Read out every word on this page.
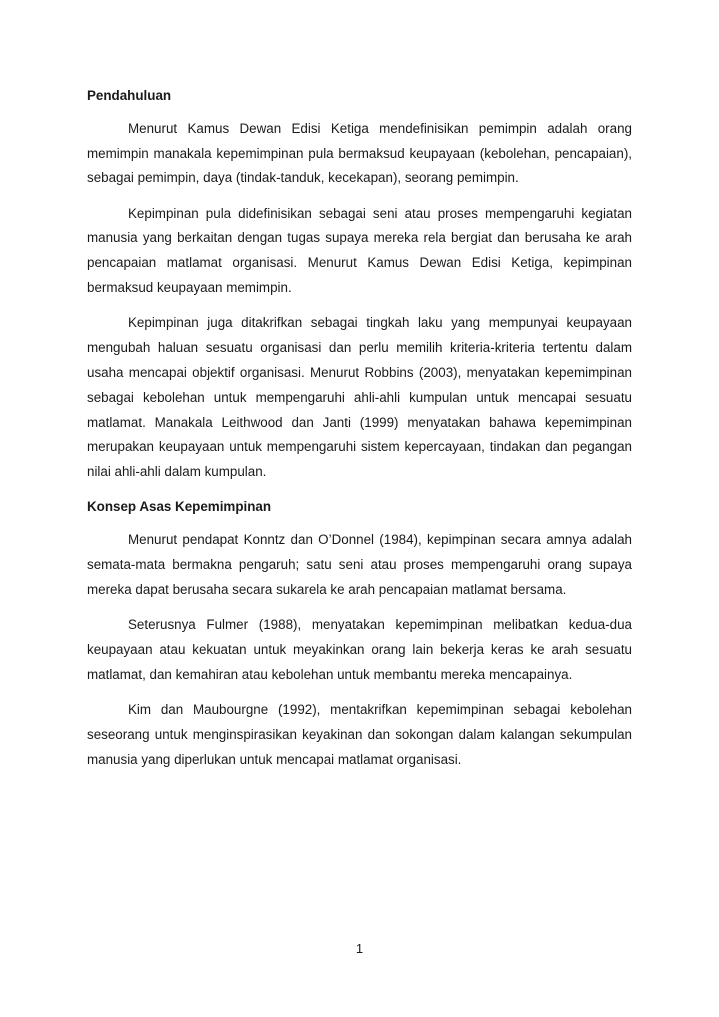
Pendahuluan

Menurut Kamus Dewan Edisi Ketiga mendefinisikan pemimpin adalah orang memimpin manakala kepemimpinan pula bermaksud keupayaan (kebolehan, pencapaian), sebagai pemimpin, daya (tindak-tanduk, kecekapan), seorang pemimpin.

Kepimpinan pula didefinisikan sebagai seni atau proses mempengaruhi kegiatan manusia yang berkaitan dengan tugas supaya mereka rela bergiat dan berusaha ke arah pencapaian matlamat organisasi. Menurut Kamus Dewan Edisi Ketiga, kepimpinan bermaksud keupayaan memimpin.

Kepimpinan juga ditakrifkan sebagai tingkah laku yang mempunyai keupayaan mengubah haluan sesuatu organisasi dan perlu memilih kriteria-kriteria tertentu dalam usaha mencapai objektif organisasi. Menurut Robbins (2003), menyatakan kepemimpinan sebagai kebolehan untuk mempengaruhi ahli-ahli kumpulan untuk mencapai sesuatu matlamat. Manakala Leithwood dan Janti (1999) menyatakan bahawa kepemimpinan merupakan keupayaan untuk mempengaruhi sistem kepercayaan, tindakan dan pegangan nilai ahli-ahli dalam kumpulan.

Konsep Asas Kepemimpinan

Menurut pendapat Konntz dan O’Donnel (1984), kepimpinan secara amnya adalah semata-mata bermakna pengaruh; satu seni atau proses mempengaruhi orang supaya mereka dapat berusaha secara sukarela ke arah pencapaian matlamat bersama.

Seterusnya Fulmer (1988), menyatakan kepemimpinan melibatkan kedua-dua keupayaan atau kekuatan untuk meyakinkan orang lain bekerja keras ke arah sesuatu matlamat, dan kemahiran atau kebolehan untuk membantu mereka mencapainya.

Kim dan Maubourgne (1992), mentakrifkan kepemimpinan sebagai kebolehan seseorang untuk menginspirasikan keyakinan dan sokongan dalam kalangan sekumpulan manusia yang diperlukan untuk mencapai matlamat organisasi.

1
